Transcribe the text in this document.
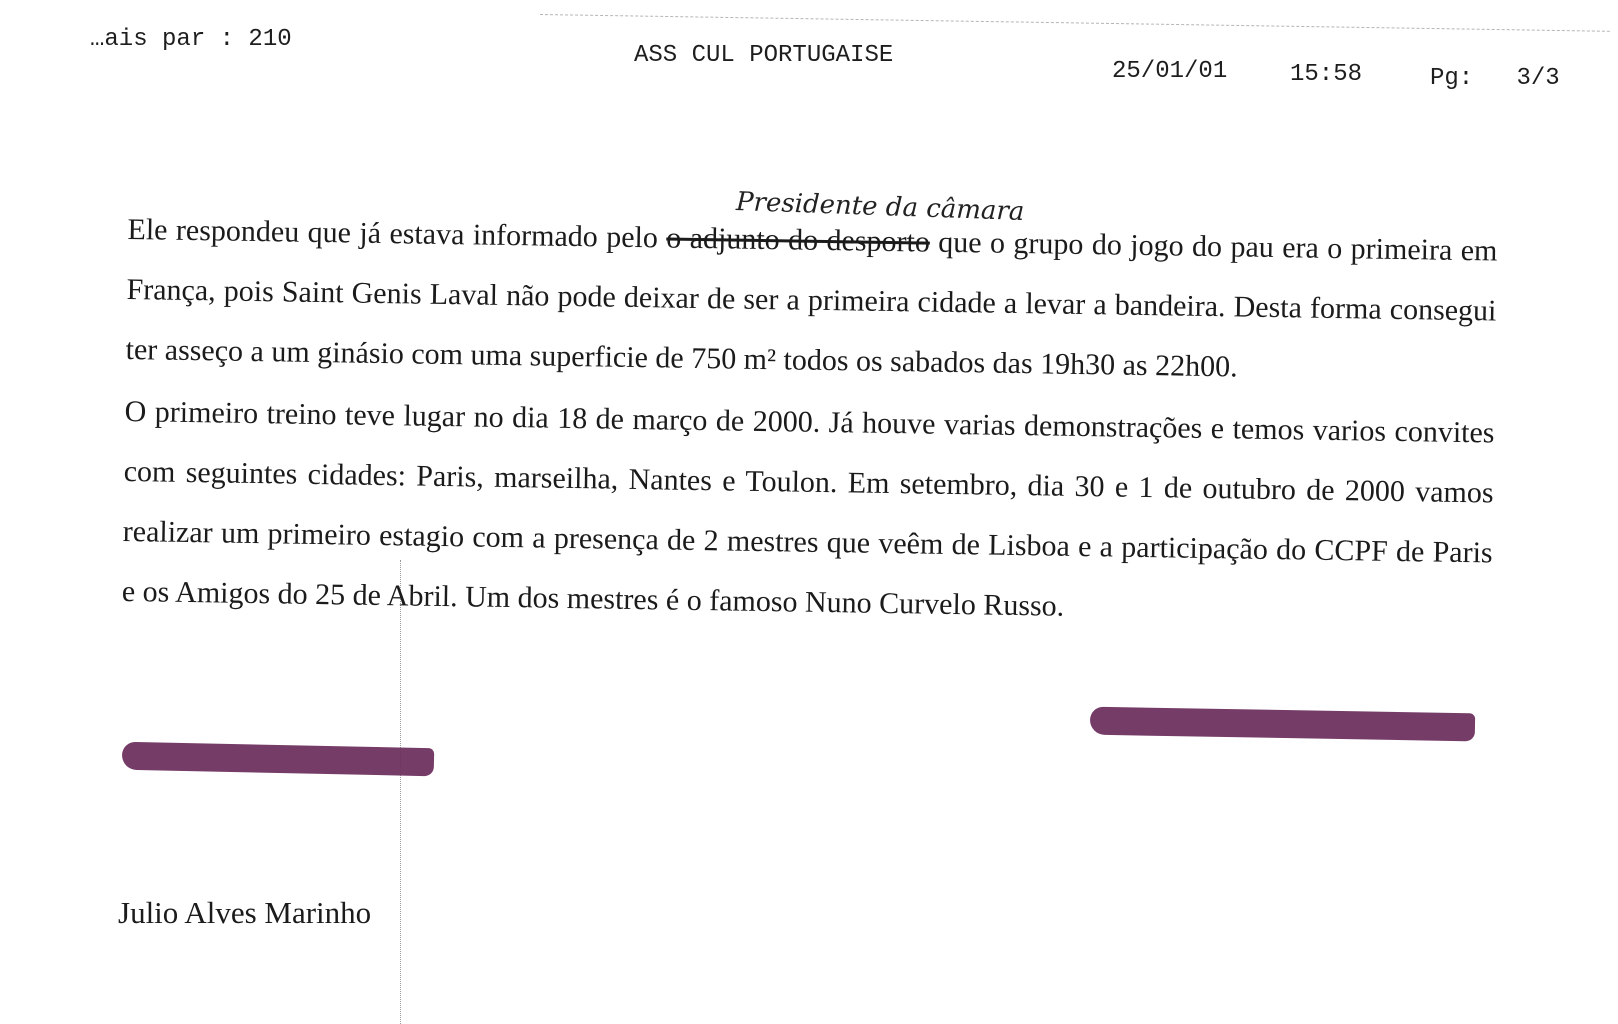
…ais par : 210
ASS CUL PORTUGAISE
25/01/01	15:58	Pg: 3/3
Presidente da câmara

Ele respondeu que já estava informado pelo o adjunto do desporto que o grupo do jogo do pau era o primeira em França, pois Saint Genis Laval não pode deixar de ser a primeira cidade a levar a bandeira. Desta forma consegui ter asseço a um ginásio com uma superficie de 750 m² todos os sabados das 19h30 as 22h00.

O primeiro treino teve lugar no dia 18 de março de 2000. Já houve varias demonstrações e temos varios convites com seguintes cidades: Paris, marseilha, Nantes e Toulon. Em setembro, dia 30 e 1 de outubro de 2000 vamos realizar um primeiro estagio com a presença de 2 mestres que veêm de Lisboa e a participação do CCPF de Paris e os Amigos do 25 de Abril. Um dos mestres é o famoso Nuno Curvelo Russo.

Julio Alves Marinho
